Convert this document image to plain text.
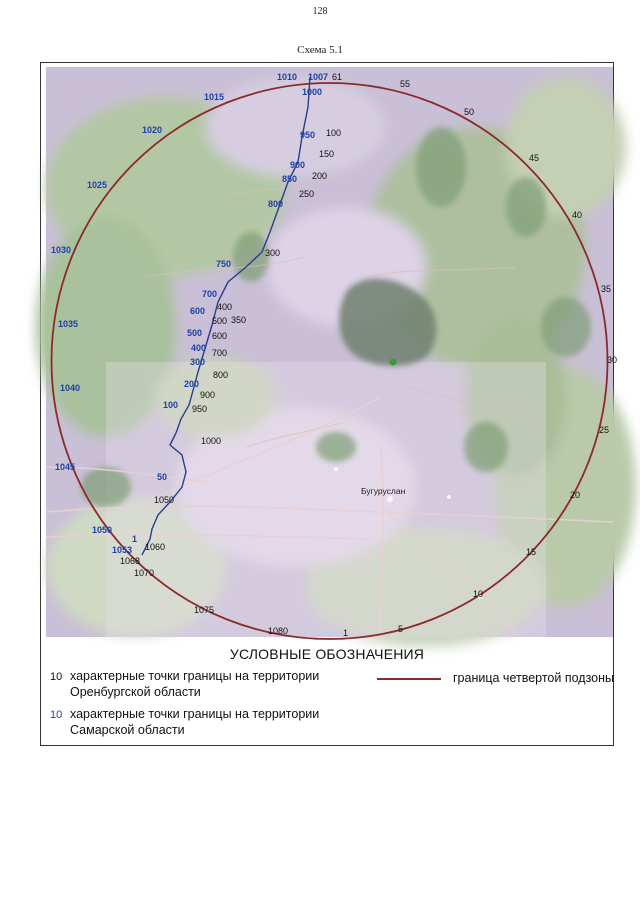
128
Схема 5.1
Бугуруслан
61
55
50
45
40
35
30
25
20
15
10
5
1
1007
1010
1015
1020
1025
1030
1035
1040
1045
1050
1053
1068
1070
1075
1080
100
150
200
250
300
350
400
500
600
700
800
900
950
1000
1050
1060
1000
950
900
850
800
750
700
600
500
400
300
200
100
50
1
УСЛОВНЫЕ ОБОЗНАЧЕНИЯ
10 характерные точки границы на территории
Оренбургской области
10 характерные точки границы на территории
Самарской области
граница четвертой подзоны
